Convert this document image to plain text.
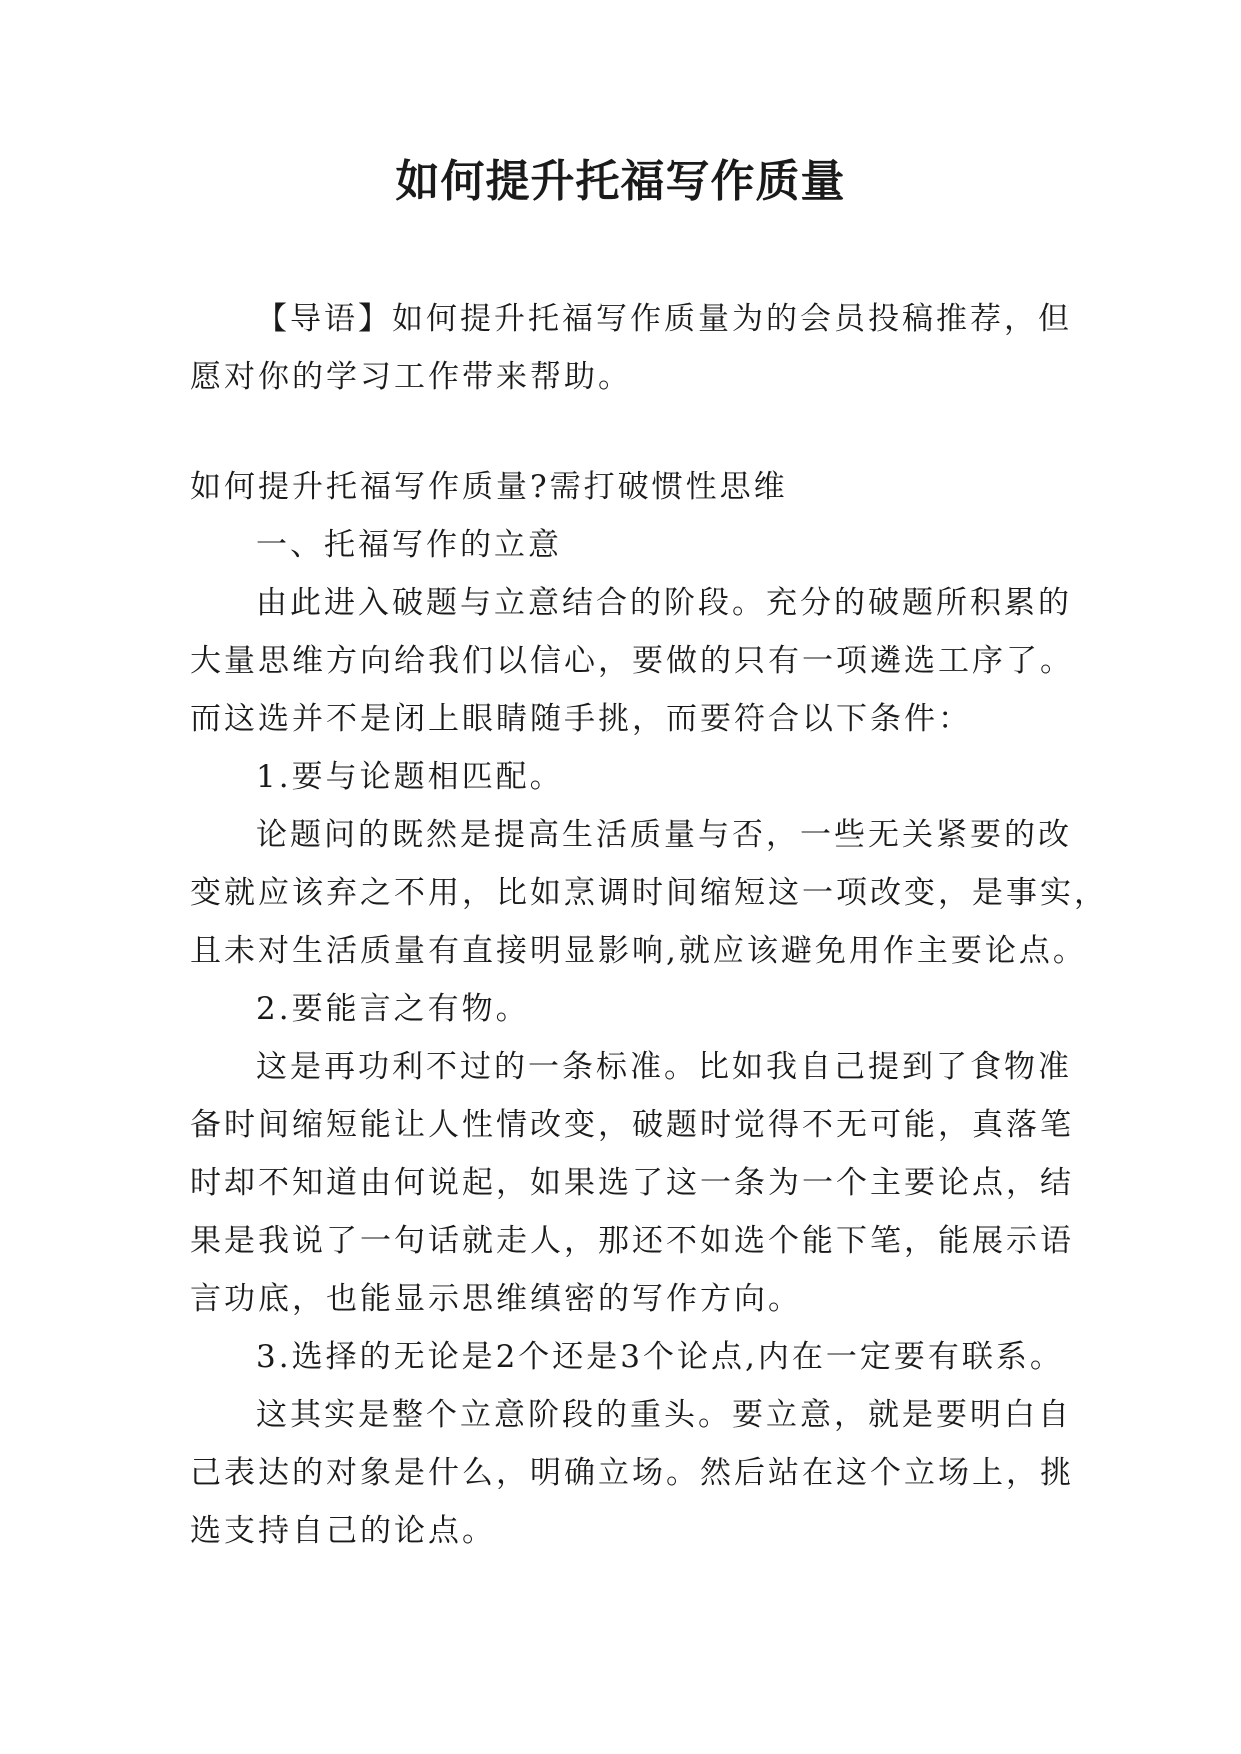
如何提升托福写作质量

【导语】如何提升托福写作质量为的会员投稿推荐，但

愿对你的学习工作带来帮助。

如何提升托福写作质量?需打破惯性思维

一、托福写作的立意

由此进入破题与立意结合的阶段。充分的破题所积累的

大量思维方向给我们以信心，要做的只有一项遴选工序了。

而这选并不是闭上眼睛随手挑，而要符合以下条件：

1.要与论题相匹配。

论题问的既然是提高生活质量与否，一些无关紧要的改

变就应该弃之不用，比如烹调时间缩短这一项改变，是事实，

且未对生活质量有直接明显影响,就应该避免用作主要论点。

2.要能言之有物。

这是再功利不过的一条标准。比如我自己提到了食物准

备时间缩短能让人性情改变，破题时觉得不无可能，真落笔

时却不知道由何说起，如果选了这一条为一个主要论点，结

果是我说了一句话就走人，那还不如选个能下笔，能展示语

言功底，也能显示思维缜密的写作方向。

3.选择的无论是2个还是3个论点,内在一定要有联系。

这其实是整个立意阶段的重头。要立意，就是要明白自

己表达的对象是什么，明确立场。然后站在这个立场上，挑

选支持自己的论点。
